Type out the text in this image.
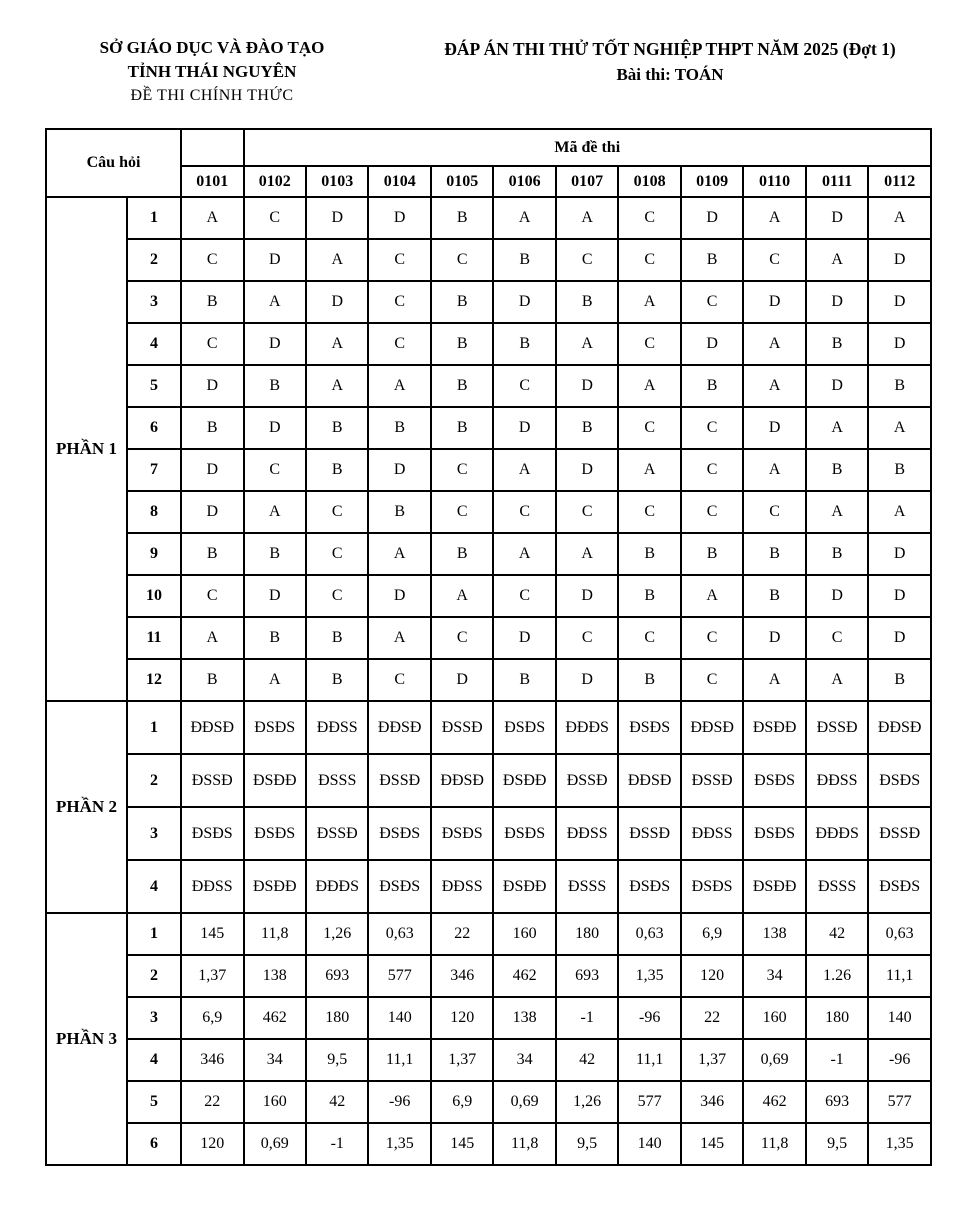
SỞ GIÁO DỤC VÀ ĐÀO TẠO
TỈNH THÁI NGUYÊN
ĐỀ THI CHÍNH THỨC
ĐÁP ÁN THI THỬ TỐT NGHIỆP THPT NĂM 2025 (Đợt 1)
Bài thi: TOÁN
Câu hỏi			Mã đề thi										
		0101	0102	0103	0104	0105	0106	0107	0108	0109	0110	0111	0112
PHẦN 1	1	A	C	D	D	B	A	A	C	D	A	D	A
	2	C	D	A	C	C	B	C	C	B	C	A	D
	3	B	A	D	C	B	D	B	A	C	D	D	D
	4	C	D	A	C	B	B	A	C	D	A	B	D
	5	D	B	A	A	B	C	D	A	B	A	D	B
	6	B	D	B	B	B	D	B	C	C	D	A	A
	7	D	C	B	D	C	A	D	A	C	A	B	B
	8	D	A	C	B	C	C	C	C	C	C	A	A
	9	B	B	C	A	B	A	A	B	B	B	B	D
	10	C	D	C	D	A	C	D	B	A	B	D	D
	11	A	B	B	A	C	D	C	C	C	D	C	D
	12	B	A	B	C	D	B	D	B	C	A	A	B
PHẦN 2	1	ĐĐSĐ	ĐSĐS	ĐĐSS	ĐĐSĐ	ĐSSĐ	ĐSĐS	ĐĐĐS	ĐSĐS	ĐĐSĐ	ĐSĐĐ	ĐSSĐ	ĐĐSĐ
	2	ĐSSĐ	ĐSĐĐ	ĐSSS	ĐSSĐ	ĐĐSĐ	ĐSĐĐ	ĐSSĐ	ĐĐSĐ	ĐSSĐ	ĐSĐS	ĐĐSS	ĐSĐS
	3	ĐSĐS	ĐSĐS	ĐSSĐ	ĐSĐS	ĐSĐS	ĐSĐS	ĐĐSS	ĐSSĐ	ĐĐSS	ĐSĐS	ĐĐĐS	ĐSSĐ
	4	ĐĐSS	ĐSĐĐ	ĐĐĐS	ĐSĐS	ĐĐSS	ĐSĐĐ	ĐSSS	ĐSĐS	ĐSĐS	ĐSĐĐ	ĐSSS	ĐSĐS
PHẦN 3	1	145	11,8	1,26	0,63	22	160	180	0,63	6,9	138	42	0,63
	2	1,37	138	693	577	346	462	693	1,35	120	34	1.26	11,1
	3	6,9	462	180	140	120	138	-1	-96	22	160	180	140
	4	346	34	9,5	11,1	1,37	34	42	11,1	1,37	0,69	-1	-96
	5	22	160	42	-96	6,9	0,69	1,26	577	346	462	693	577
	6	120	0,69	-1	1,35	145	11,8	9,5	140	145	11,8	9,5	1,35
